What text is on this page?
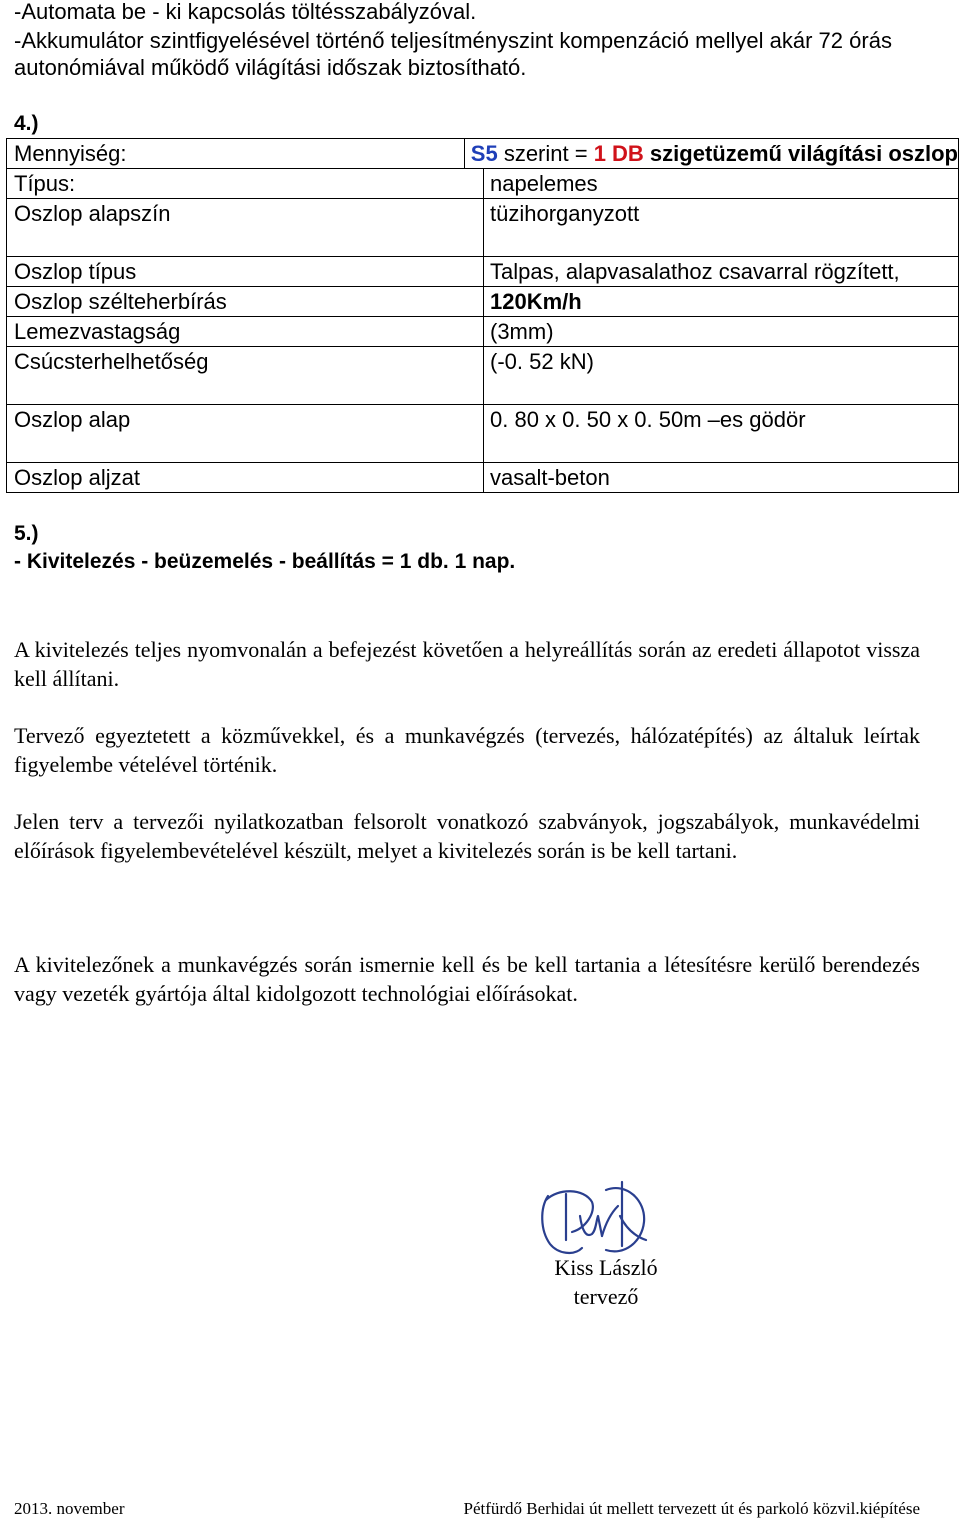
-Automata be - ki kapcsolás töltésszabályzóval.
-Akkumulátor szintfigyelésével történő teljesítményszint kompenzáció mellyel akár 72 órás
autonómiával működő világítási időszak biztosítható.
4.)
Mennyiség:	S5 szerint = 1 DB szigetüzemű világítási oszlop
Típus:	napelemes
Oszlop alapszín	tüzihorganyzott
Oszlop típus	Talpas, alapvasalathoz csavarral rögzített,
Oszlop szélteherbírás	120Km/h
Lemezvastagság	(3mm)
Csúcsterhelhetőség	(-0. 52 kN)
Oszlop alap	0. 80 x 0. 50 x 0. 50m –es gödör
Oszlop aljzat	vasalt-beton
5.)
- Kivitelezés - beüzemelés - beállítás = 1 db. 1 nap.
A kivitelezés teljes nyomvonalán a befejezést követően a helyreállítás során az eredeti állapotot vissza kell állítani.
Tervező egyeztetett a közművekkel, és a munkavégzés (tervezés, hálózatépítés) az általuk leírtak figyelembe vételével történik.
Jelen terv a tervezői nyilatkozatban felsorolt vonatkozó szabványok, jogszabályok, munkavédelmi előírások figyelembevételével készült, melyet a kivitelezés során is be kell tartani.
A kivitelezőnek a munkavégzés során ismernie kell és be kell tartania a létesítésre kerülő berendezés vagy vezeték gyártója által kidolgozott technológiai előírásokat.
Kiss László
tervező
2013. november	Pétfürdő Berhidai út mellett tervezett út és parkoló közvil.kiépítése
